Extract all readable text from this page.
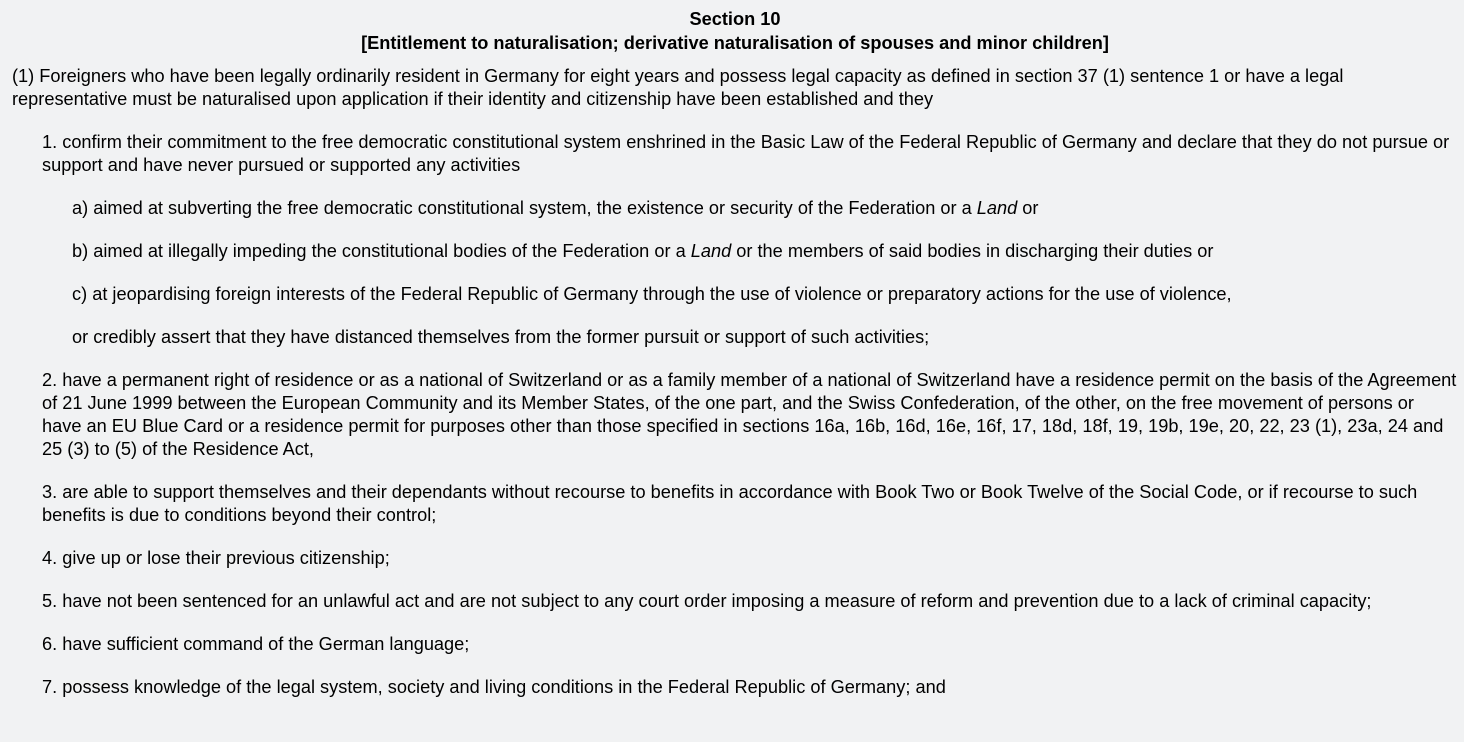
Section 10
[Entitlement to naturalisation; derivative naturalisation of spouses and minor children]

(1) Foreigners who have been legally ordinarily resident in Germany for eight years and possess legal capacity as defined in section 37 (1) sentence 1 or have a legal representative must be naturalised upon application if their identity and citizenship have been established and they

1. confirm their commitment to the free democratic constitutional system enshrined in the Basic Law of the Federal Republic of Germany and declare that they do not pursue or support and have never pursued or supported any activities

a) aimed at subverting the free democratic constitutional system, the existence or security of the Federation or a Land or

b) aimed at illegally impeding the constitutional bodies of the Federation or a Land or the members of said bodies in discharging their duties or

c) at jeopardising foreign interests of the Federal Republic of Germany through the use of violence or preparatory actions for the use of violence,

or credibly assert that they have distanced themselves from the former pursuit or support of such activities;

2. have a permanent right of residence or as a national of Switzerland or as a family member of a national of Switzerland have a residence permit on the basis of the Agreement of 21 June 1999 between the European Community and its Member States, of the one part, and the Swiss Confederation, of the other, on the free movement of persons or have an EU Blue Card or a residence permit for purposes other than those specified in sections 16a, 16b, 16d, 16e, 16f, 17, 18d, 18f, 19, 19b, 19e, 20, 22, 23 (1), 23a, 24 and 25 (3) to (5) of the Residence Act,

3. are able to support themselves and their dependants without recourse to benefits in accordance with Book Two or Book Twelve of the Social Code, or if recourse to such benefits is due to conditions beyond their control;

4. give up or lose their previous citizenship;

5. have not been sentenced for an unlawful act and are not subject to any court order imposing a measure of reform and prevention due to a lack of criminal capacity;

6. have sufficient command of the German language;

7. possess knowledge of the legal system, society and living conditions in the Federal Republic of Germany; and
